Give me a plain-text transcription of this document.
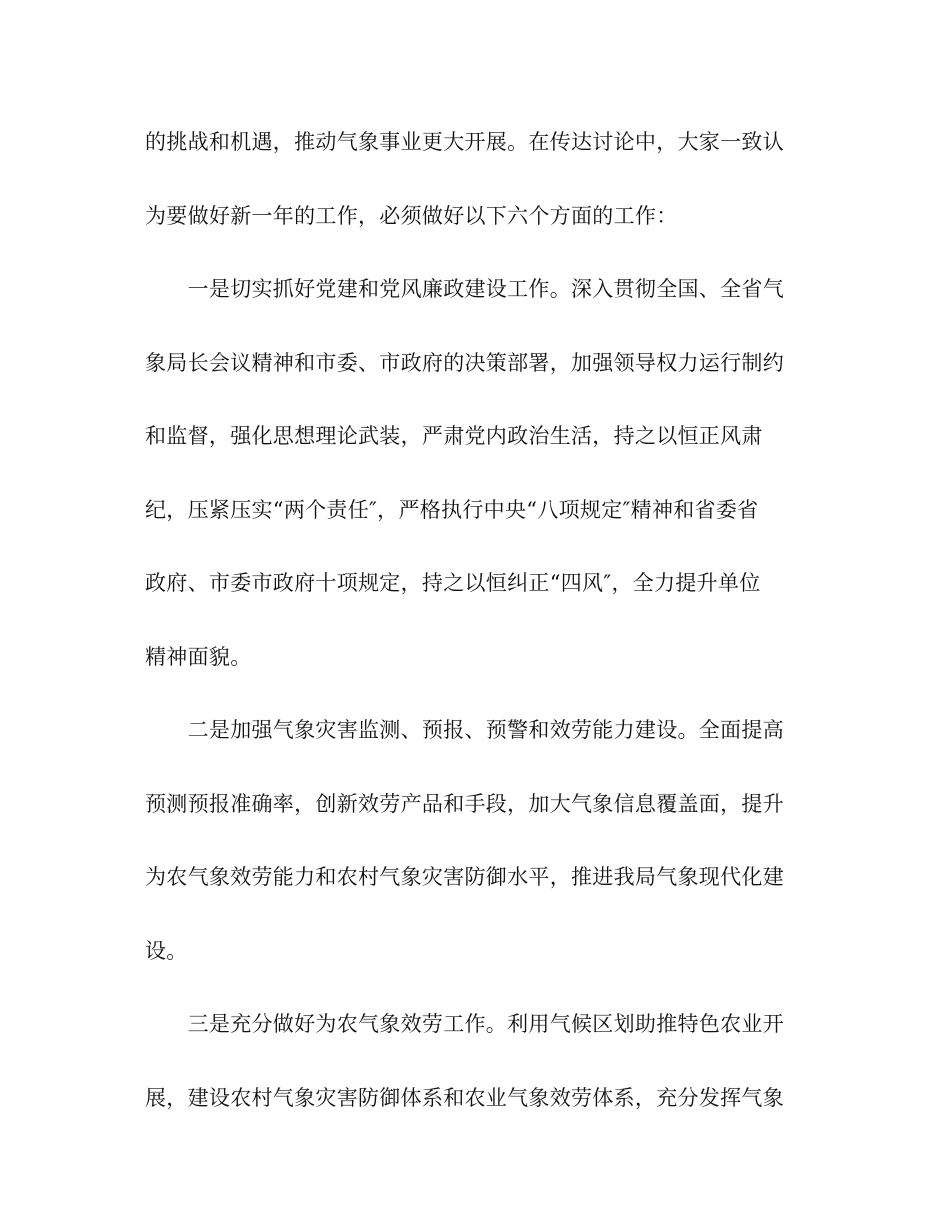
的挑战和机遇，推动气象事业更大开展。在传达讨论中，大家一致认
为要做好新一年的工作，必须做好以下六个方面的工作：
　　一是切实抓好党建和党风廉政建设工作。深入贯彻全国、全省气
象局长会议精神和市委、市政府的决策部署，加强领导权力运行制约
和监督，强化思想理论武装，严肃党内政治生活，持之以恒正风肃
纪，压紧压实“两个责任″，严格执行中央“八项规定″精神和省委省
政府、市委市政府十项规定，持之以恒纠正“四风″，全力提升单位
精神面貌。
　　二是加强气象灾害监测、预报、预警和效劳能力建设。全面提高
预测预报准确率，创新效劳产品和手段，加大气象信息覆盖面，提升
为农气象效劳能力和农村气象灾害防御水平，推进我局气象现代化建
设。
　　三是充分做好为农气象效劳工作。利用气候区划助推特色农业开
展，建设农村气象灾害防御体系和农业气象效劳体系，充分发挥气象
